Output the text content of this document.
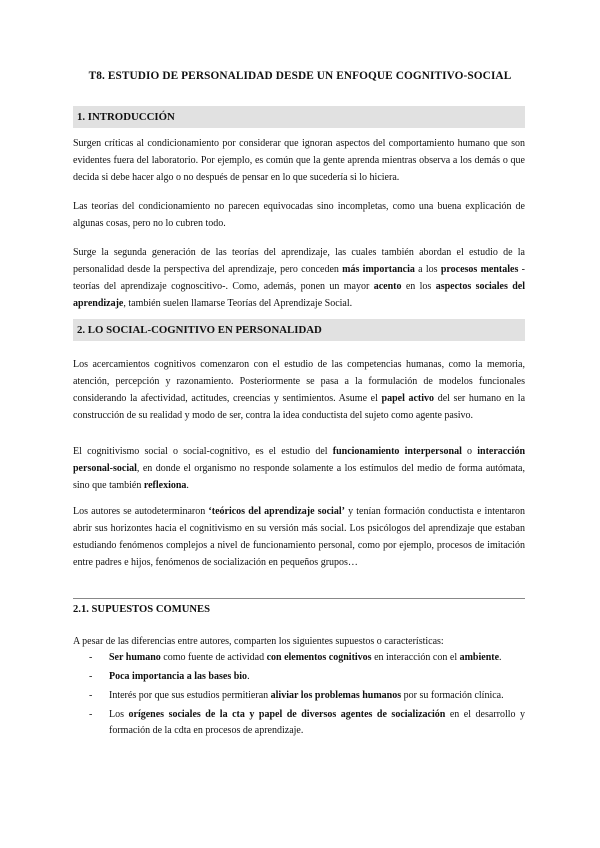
T8. ESTUDIO DE PERSONALIDAD DESDE UN ENFOQUE COGNITIVO-SOCIAL
1. INTRODUCCIÓN
Surgen críticas al condicionamiento por considerar que ignoran aspectos del comportamiento humano que son evidentes fuera del laboratorio. Por ejemplo, es común que la gente aprenda mientras observa a los demás o que decida si debe hacer algo o no después de pensar en lo que sucedería si lo hiciera.
Las teorías del condicionamiento no parecen equivocadas sino incompletas, como una buena explicación de algunas cosas, pero no lo cubren todo.
Surge la segunda generación de las teorías del aprendizaje, las cuales también abordan el estudio de la personalidad desde la perspectiva del aprendizaje, pero conceden más importancia a los procesos mentales -teorías del aprendizaje cognoscitivo-. Como, además, ponen un mayor acento en los aspectos sociales del aprendizaje, también suelen llamarse Teorías del Aprendizaje Social.
2. LO SOCIAL-COGNITIVO EN PERSONALIDAD
Los acercamientos cognitivos comenzaron con el estudio de las competencias humanas, como la memoria, atención, percepción y razonamiento. Posteriormente se pasa a la formulación de modelos funcionales considerando la afectividad, actitudes, creencias y sentimientos. Asume el papel activo del ser humano en la construcción de su realidad y modo de ser, contra la idea conductista del sujeto como agente pasivo.
El cognitivismo social o social-cognitivo, es el estudio del funcionamiento interpersonal o interacción personal-social, en donde el organismo no responde solamente a los estímulos del medio de forma autómata, sino que también reflexiona.
Los autores se autodeterminaron ‘teóricos del aprendizaje social’ y tenían formación conductista e intentaron abrir sus horizontes hacia el cognitivismo en su versión más social. Los psicólogos del aprendizaje que estaban estudiando fenómenos complejos a nivel de funcionamiento personal, como por ejemplo, procesos de imitación entre padres e hijos, fenómenos de socialización en pequeños grupos…
2.1. SUPUESTOS COMUNES
A pesar de las diferencias entre autores, comparten los siguientes supuestos o características:
- Ser humano como fuente de actividad con elementos cognitivos en interacción con el ambiente.
- Poca importancia a las bases bio.
- Interés por que sus estudios permitieran aliviar los problemas humanos por su formación clínica.
- Los orígenes sociales de la cta y papel de diversos agentes de socialización en el desarrollo y formación de la cdta en procesos de aprendizaje.
